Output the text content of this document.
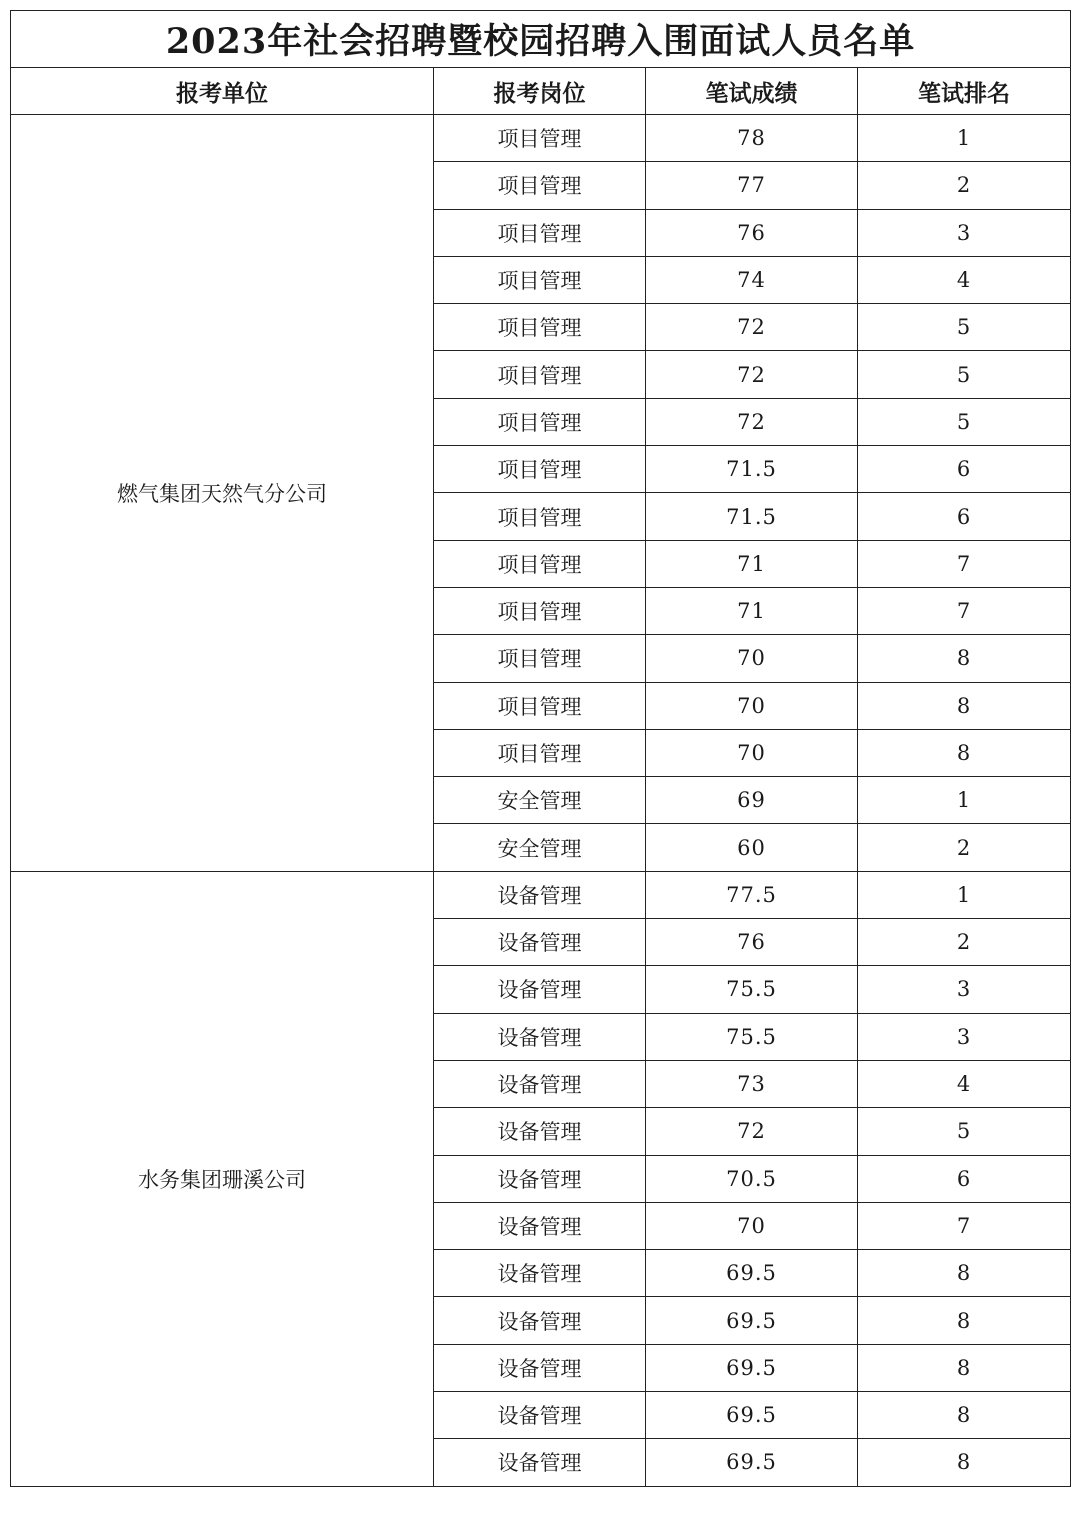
2023年社会招聘暨校园招聘入围面试人员名单			
报考单位	报考岗位	笔试成绩	笔试排名
燃气集团天然气分公司	项目管理	78	1
	项目管理	77	2
	项目管理	76	3
	项目管理	74	4
	项目管理	72	5
	项目管理	72	5
	项目管理	72	5
	项目管理	71.5	6
	项目管理	71.5	6
	项目管理	71	7
	项目管理	71	7
	项目管理	70	8
	项目管理	70	8
	项目管理	70	8
	安全管理	69	1
	安全管理	60	2
水务集团珊溪公司	设备管理	77.5	1
	设备管理	76	2
	设备管理	75.5	3
	设备管理	75.5	3
	设备管理	73	4
	设备管理	72	5
	设备管理	70.5	6
	设备管理	70	7
	设备管理	69.5	8
	设备管理	69.5	8
	设备管理	69.5	8
	设备管理	69.5	8
	设备管理	69.5	8
